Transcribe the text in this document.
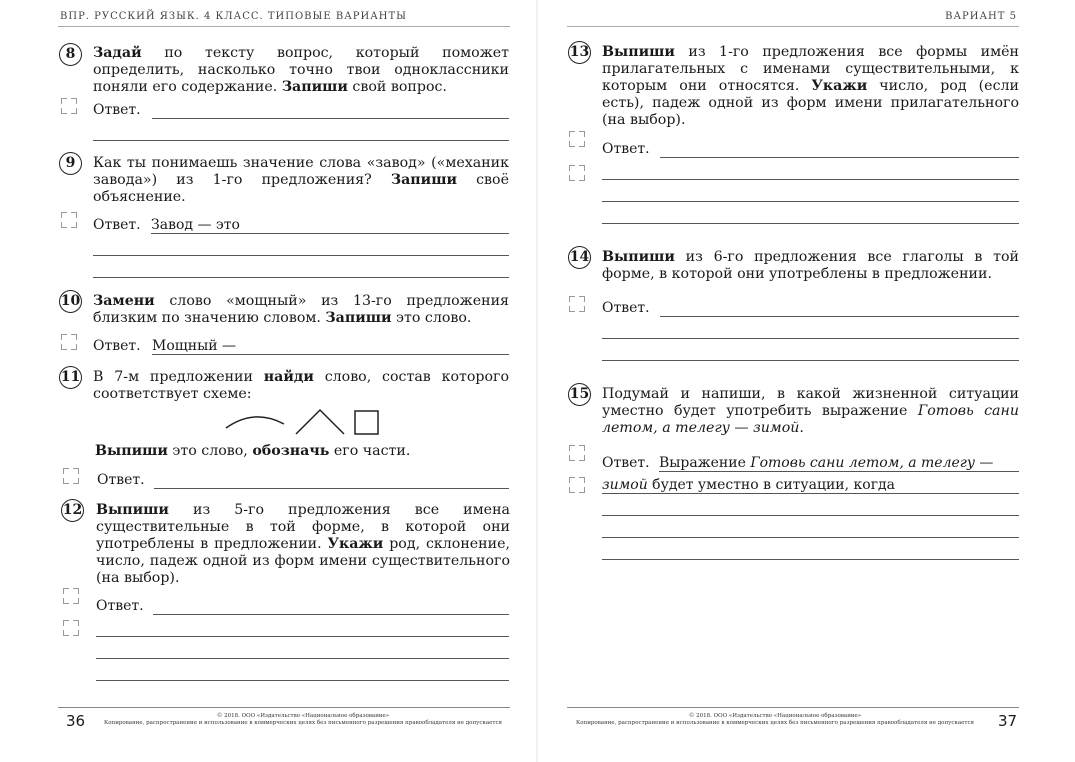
ВПР. РУССКИЙ ЯЗЫК. 4 КЛАСС. ТИПОВЫЕ ВАРИАНТЫ
8	Задай по тексту вопрос, который поможет определить, насколько точно твои одноклассники поняли его содержание. Запиши свой вопрос.
Ответ.
9	Как ты понимаешь значение слова «завод» («механик завода») из 1-го предложения? Запиши своё объяснение.
Ответ. Завод — это
10 Замени слово «мощный» из 13-го предложения близким по значению словом. Запиши это слово.
Ответ. Мощный —
11 В 7-м предложении найди слово, состав которого соответствует схеме:
Выпиши это слово, обозначь его части.
Ответ.
12 Выпиши из 5-го предложения все имена существительные в той форме, в которой они употреблены в предложении. Укажи род, склонение, число, падеж одной из форм имени существительного (на выбор).
Ответ.
36	© 2018. ООО «Издательство «Национальное образование»
Копирование, распространение и использование в коммерческих целях без письменного разрешения правообладателя не допускается
ВАРИАНТ 5
13 Выпиши из 1-го предложения все формы имён прилагательных с именами существительными, к которым они относятся. Укажи число, род (если есть), падеж одной из форм имени прилагательного (на выбор).
Ответ.
14 Выпиши из 6-го предложения все глаголы в той форме, в которой они употреблены в предложении.
Ответ.
15 Подумай и напиши, в какой жизненной ситуации уместно будет употребить выражение Готовь сани летом, а телегу — зимой.
Ответ. Выражение Готовь сани летом, а телегу —
зимой будет уместно в ситуации, когда
© 2018. ООО «Издательство «Национальное образование»
Копирование, распространение и использование в коммерческих целях без письменного разрешения правообладателя не допускается	37
